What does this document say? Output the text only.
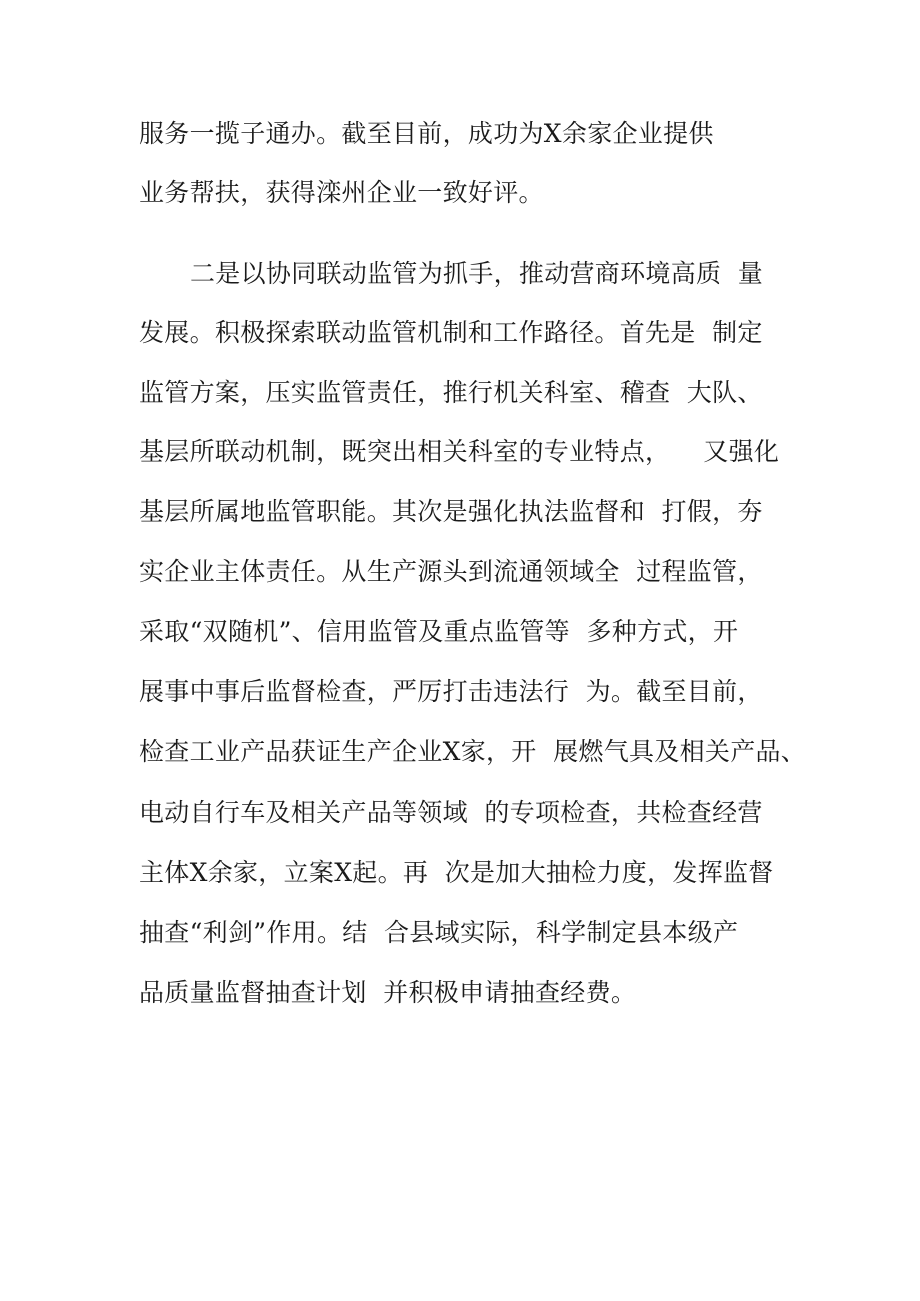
服务一揽子通办。截至目前，成功为X余家企业提供
业务帮扶，获得滦州企业一致好评。
二是以协同联动监管为抓手，推动营商环境高质  量
发展。积极探索联动监管机制和工作路径。首先是  制定
监管方案，压实监管责任，推行机关科室、稽查  大队、
基层所联动机制，既突出相关科室的专业特点，    又强化
基层所属地监管职能。其次是强化执法监督和  打假，夯
实企业主体责任。从生产源头到流通领域全  过程监管，
采取“双随机”、信用监管及重点监管等  多种方式，开
展事中事后监督检查，严厉打击违法行  为。截至目前，
检查工业产品获证生产企业X家，开  展燃气具及相关产品、
电动自行车及相关产品等领域  的专项检查，共检查经营
主体X余家，立案X起。再  次是加大抽检力度，发挥监督
抽查“利剑”作用。结  合县域实际，科学制定县本级产
品质量监督抽查计划  并积极申请抽查经费。
